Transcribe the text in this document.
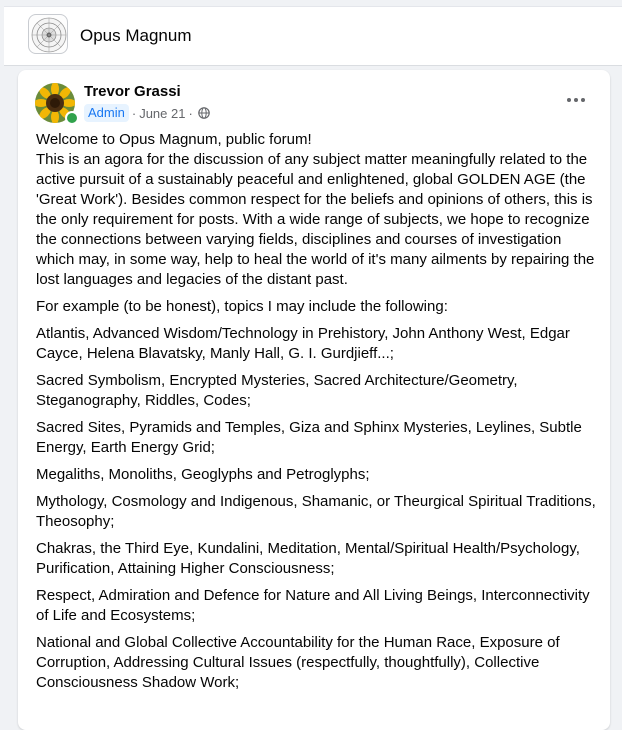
Opus Magnum
Trevor Grassi
Admin · June 21 ·

Welcome to Opus Magnum, public forum!
This is an agora for the discussion of any subject matter meaningfully related to the active pursuit of a sustainably peaceful and enlightened, global GOLDEN AGE (the 'Great Work'). Besides common respect for the beliefs and opinions of others, this is the only requirement for posts. With a wide range of subjects, we hope to recognize the connections between varying fields, disciplines and courses of investigation which may, in some way, help to heal the world of it's many ailments by repairing the lost languages and legacies of the distant past.

For example (to be honest), topics I may include the following:

Atlantis, Advanced Wisdom/Technology in Prehistory, John Anthony West, Edgar Cayce, Helena Blavatsky, Manly Hall, G. I. Gurdjieff...;

Sacred Symbolism, Encrypted Mysteries, Sacred Architecture/Geometry, Steganography, Riddles, Codes;

Sacred Sites, Pyramids and Temples, Giza and Sphinx Mysteries, Leylines, Subtle Energy, Earth Energy Grid;

Megaliths, Monoliths, Geoglyphs and Petroglyphs;

Mythology, Cosmology and Indigenous, Shamanic, or Theurgical Spiritual Traditions, Theosophy;

Chakras, the Third Eye, Kundalini, Meditation, Mental/Spiritual Health/Psychology, Purification, Attaining Higher Consciousness;

Respect, Admiration and Defence for Nature and All Living Beings, Interconnectivity of Life and Ecosystems;

National and Global Collective Accountability for the Human Race, Exposure of Corruption, Addressing Cultural Issues (respectfully, thoughtfully), Collective Consciousness Shadow Work;
